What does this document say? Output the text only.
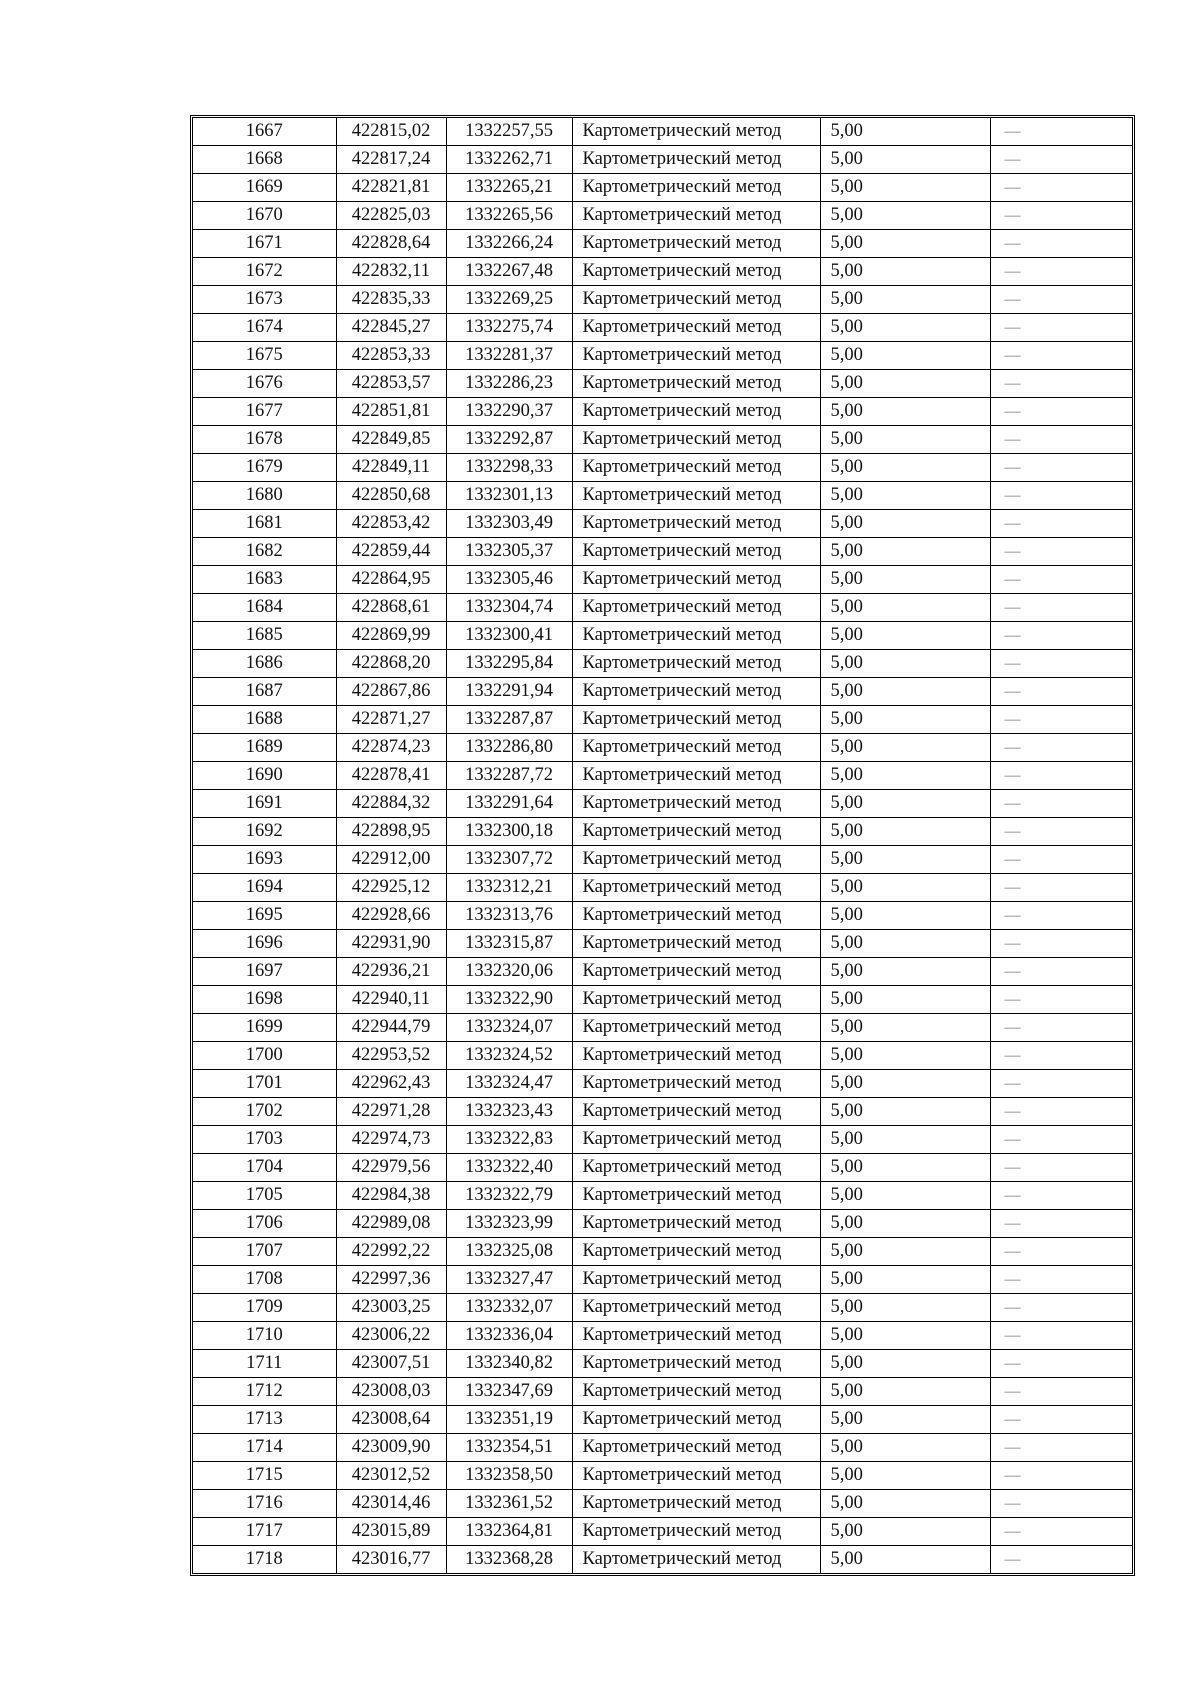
1667	422815,02	1332257,55	Картометрический метод	5,00	—
1668	422817,24	1332262,71	Картометрический метод	5,00	—
1669	422821,81	1332265,21	Картометрический метод	5,00	—
1670	422825,03	1332265,56	Картометрический метод	5,00	—
1671	422828,64	1332266,24	Картометрический метод	5,00	—
1672	422832,11	1332267,48	Картометрический метод	5,00	—
1673	422835,33	1332269,25	Картометрический метод	5,00	—
1674	422845,27	1332275,74	Картометрический метод	5,00	—
1675	422853,33	1332281,37	Картометрический метод	5,00	—
1676	422853,57	1332286,23	Картометрический метод	5,00	—
1677	422851,81	1332290,37	Картометрический метод	5,00	—
1678	422849,85	1332292,87	Картометрический метод	5,00	—
1679	422849,11	1332298,33	Картометрический метод	5,00	—
1680	422850,68	1332301,13	Картометрический метод	5,00	—
1681	422853,42	1332303,49	Картометрический метод	5,00	—
1682	422859,44	1332305,37	Картометрический метод	5,00	—
1683	422864,95	1332305,46	Картометрический метод	5,00	—
1684	422868,61	1332304,74	Картометрический метод	5,00	—
1685	422869,99	1332300,41	Картометрический метод	5,00	—
1686	422868,20	1332295,84	Картометрический метод	5,00	—
1687	422867,86	1332291,94	Картометрический метод	5,00	—
1688	422871,27	1332287,87	Картометрический метод	5,00	—
1689	422874,23	1332286,80	Картометрический метод	5,00	—
1690	422878,41	1332287,72	Картометрический метод	5,00	—
1691	422884,32	1332291,64	Картометрический метод	5,00	—
1692	422898,95	1332300,18	Картометрический метод	5,00	—
1693	422912,00	1332307,72	Картометрический метод	5,00	—
1694	422925,12	1332312,21	Картометрический метод	5,00	—
1695	422928,66	1332313,76	Картометрический метод	5,00	—
1696	422931,90	1332315,87	Картометрический метод	5,00	—
1697	422936,21	1332320,06	Картометрический метод	5,00	—
1698	422940,11	1332322,90	Картометрический метод	5,00	—
1699	422944,79	1332324,07	Картометрический метод	5,00	—
1700	422953,52	1332324,52	Картометрический метод	5,00	—
1701	422962,43	1332324,47	Картометрический метод	5,00	—
1702	422971,28	1332323,43	Картометрический метод	5,00	—
1703	422974,73	1332322,83	Картометрический метод	5,00	—
1704	422979,56	1332322,40	Картометрический метод	5,00	—
1705	422984,38	1332322,79	Картометрический метод	5,00	—
1706	422989,08	1332323,99	Картометрический метод	5,00	—
1707	422992,22	1332325,08	Картометрический метод	5,00	—
1708	422997,36	1332327,47	Картометрический метод	5,00	—
1709	423003,25	1332332,07	Картометрический метод	5,00	—
1710	423006,22	1332336,04	Картометрический метод	5,00	—
1711	423007,51	1332340,82	Картометрический метод	5,00	—
1712	423008,03	1332347,69	Картометрический метод	5,00	—
1713	423008,64	1332351,19	Картометрический метод	5,00	—
1714	423009,90	1332354,51	Картометрический метод	5,00	—
1715	423012,52	1332358,50	Картометрический метод	5,00	—
1716	423014,46	1332361,52	Картометрический метод	5,00	—
1717	423015,89	1332364,81	Картометрический метод	5,00	—
1718	423016,77	1332368,28	Картометрический метод	5,00	—
